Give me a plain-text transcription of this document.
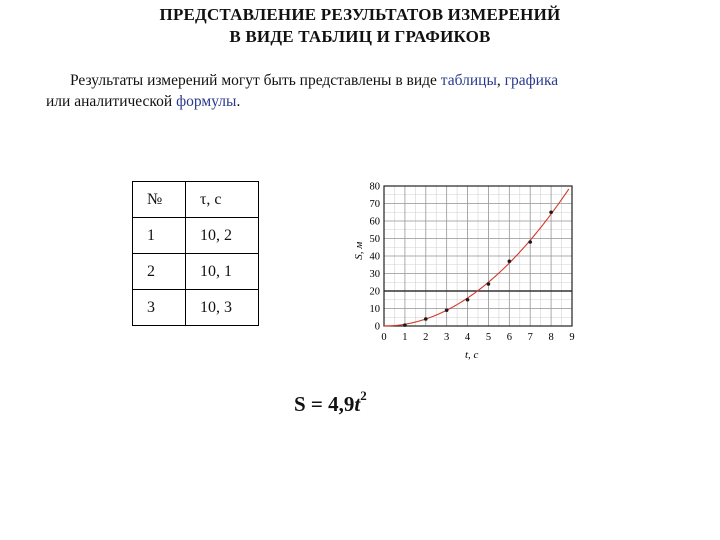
ПРЕДСТАВЛЕНИЕ РЕЗУЛЬТАТОВ ИЗМЕРЕНИЙ
В ВИДЕ ТАБЛИЦ И ГРАФИКОВ
Результаты измерений могут быть представлены в виде таблицы, графика
или аналитической формулы.
№	τ, с
1	10, 2
2	10, 1
3	10, 3
0 1 2 3 4 5 6 7 8 9
0
10
20
30
40
50
60
70
80
t, с
S, м
$S = 4,9t^2$
